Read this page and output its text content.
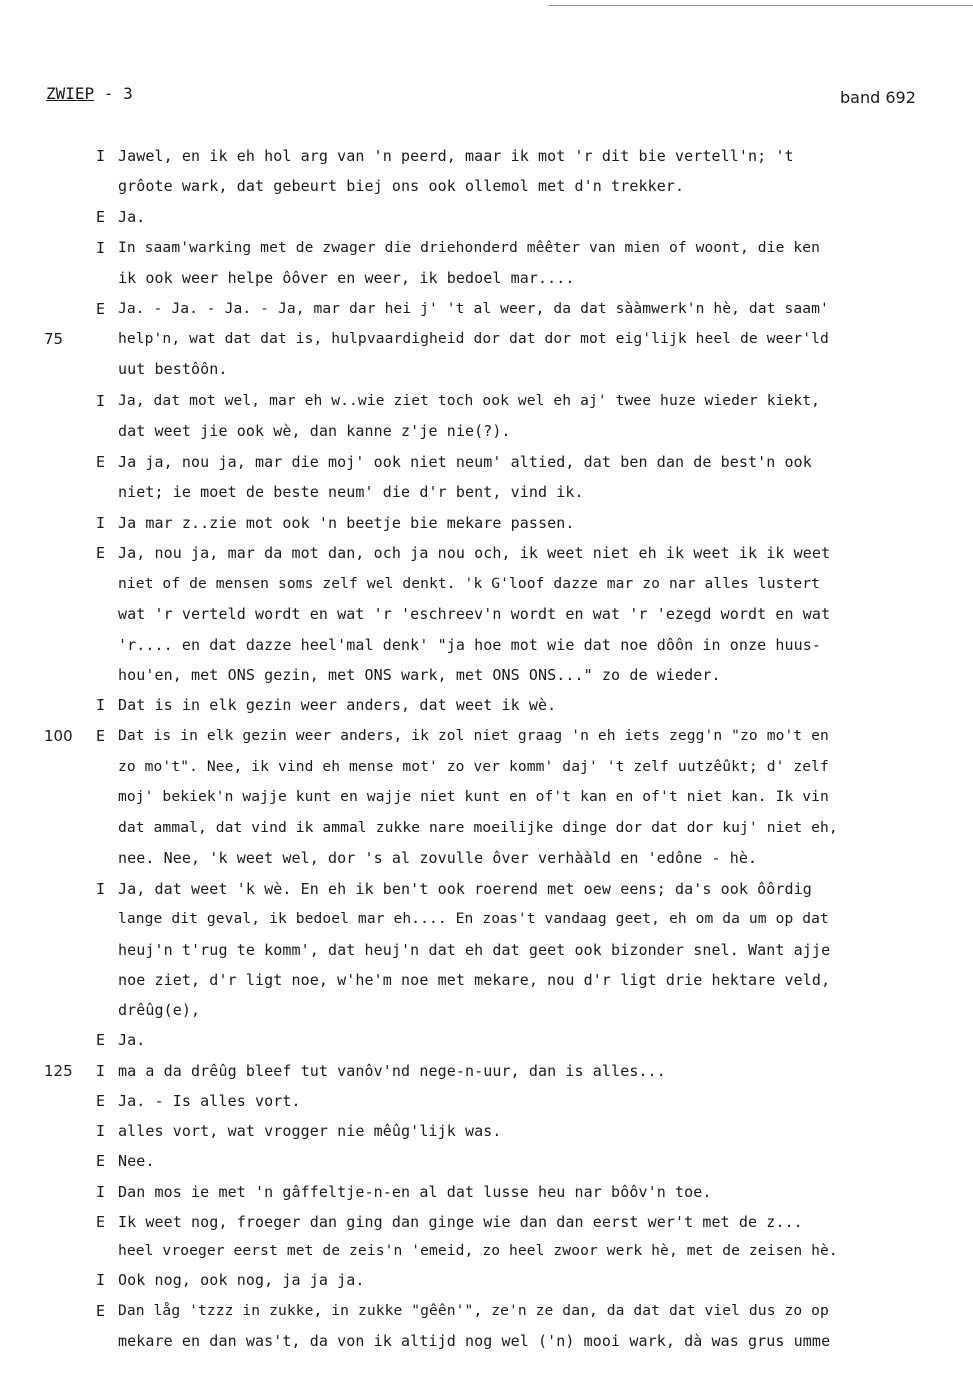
ZWIEP - 3	band 692
I Jawel, en ik eh hol arg van 'n peerd, maar ik mot 'r dit bie vertell'n; 't
grôote wark, dat gebeurt biej ons ook ollemol met d'n trekker.
E Ja.
I In saam'warking met de zwager die driehonderd mêêter van mien of woont, die ken
ik ook weer helpe ôôver en weer, ik bedoel mar....
E Ja. - Ja. - Ja. - Ja, mar dar hei j' 't al weer, da dat sààmwerk'n hè, dat saam'
75	help'n, wat dat dat is, hulpvaardigheid dor dat dor mot eig'lijk heel de weer'ld
uut bestôôn.
I Ja, dat mot wel, mar eh w..wie ziet toch ook wel eh aj' twee huze wieder kiekt,
dat weet jie ook wè, dan kanne z'je nie(?).
E Ja ja, nou ja, mar die moj' ook niet neum' altied, dat ben dan de best'n ook
niet; ie moet de beste neum' die d'r bent, vind ik.
I Ja mar z..zie mot ook 'n beetje bie mekare passen.
E Ja, nou ja, mar da mot dan, och ja nou och, ik weet niet eh ik weet ik ik weet
niet of de mensen soms zelf wel denkt. 'k G'loof dazze mar zo nar alles lustert
wat 'r verteld wordt en wat 'r 'eschreev'n wordt en wat 'r 'ezegd wordt en wat
'r.... en dat dazze heel'mal denk' "ja hoe mot wie dat noe dôôn in onze huus-
hou'en, met ONS gezin, met ONS wark, met ONS ONS..." zo de wieder.
I Dat is in elk gezin weer anders, dat weet ik wè.
100 E Dat is in elk gezin weer anders, ik zol niet graag 'n eh iets zegg'n "zo mo't en
zo mo't". Nee, ik vind eh mense mot' zo ver komm' daj' 't zelf uutzêûkt; d' zelf
moj' bekiek'n wajje kunt en wajje niet kunt en of't kan en of't niet kan. Ik vin
dat ammal, dat vind ik ammal zukke nare moeilijke dinge dor dat dor kuj' niet eh,
nee. Nee, 'k weet wel, dor 's al zovulle ôver verhààld en 'edône - hè.
I Ja, dat weet 'k wè. En eh ik ben't ook roerend met oew eens; da's ook ôôrdig
lange dit geval, ik bedoel mar eh.... En zoas't vandaag geet, eh om da um op dat
heuj'n t'rug te komm', dat heuj'n dat eh dat geet ook bizonder snel. Want ajje
noe ziet, d'r ligt noe, w'he'm noe met mekare, nou d'r ligt drie hektare veld,
drêûg(e),
E Ja.
125 I ma a da drêûg bleef tut vanôv'nd nege-n-uur, dan is alles...
E Ja. - Is alles vort.
I alles vort, wat vrogger nie mêûg'lijk was.
E Nee.
I Dan mos ie met 'n gâffeltje-n-en al dat lusse heu nar bôôv'n toe.
E Ik weet nog, froeger dan ging dan ginge wie dan dan eerst wer't met de z...
heel vroeger eerst met de zeis'n 'emeid, zo heel zwoor werk hè, met de zeisen hè.
I Ook nog, ook nog, ja ja ja.
E Dan låg 'tzzz in zukke, in zukke "gêên'", ze'n ze dan, da dat dat viel dus zo op
mekare en dan was't, da von ik altijd nog wel ('n) mooi wark, dà was grus umme
